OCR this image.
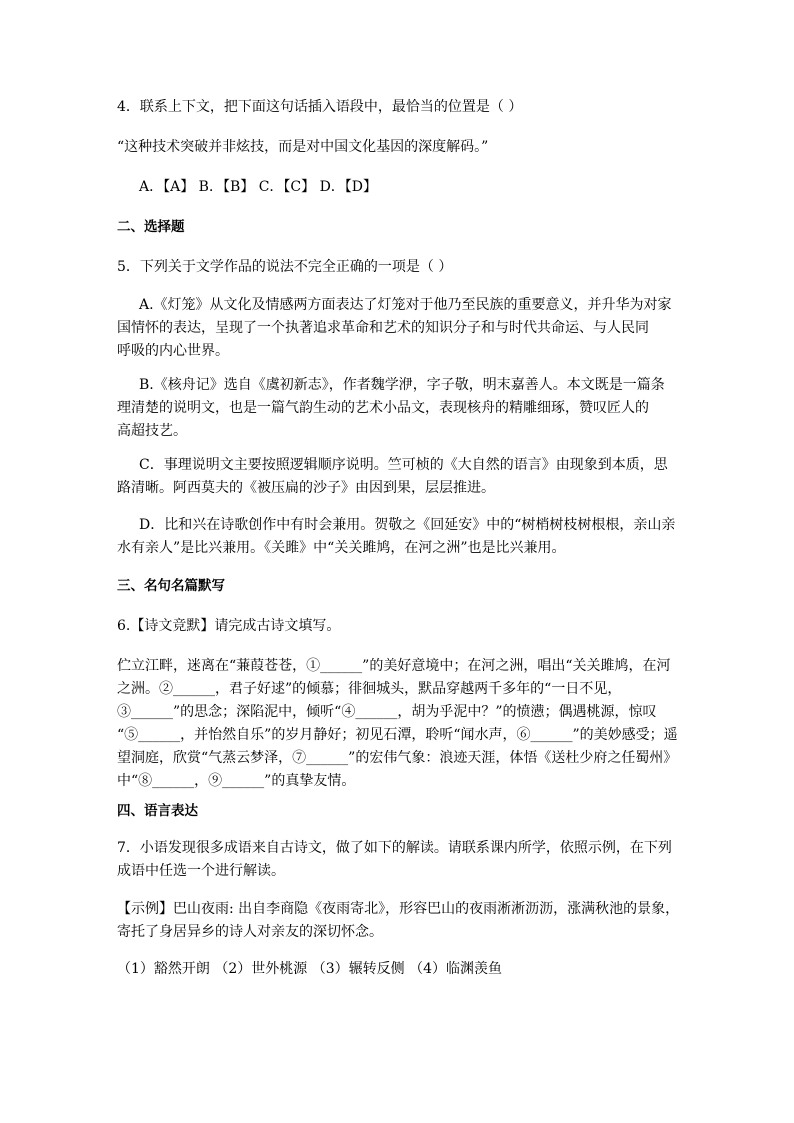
4．联系上下文，把下面这句话插入语段中，最恰当的位置是（ ）
“这种技术突破并非炫技，而是对中国文化基因的深度解码。”
A．【A】 B．【B】 C．【C】 D．【D】
二、选择题
5．下列关于文学作品的说法不完全正确的一项是（ ）
A.《灯笼》从文化及情感两方面表达了灯笼对于他乃至民族的重要意义，并升华为对家
国情怀的表达，呈现了一个执著追求革命和艺术的知识分子和与时代共命运、与人民同
呼吸的内心世界。
B.《核舟记》选自《虞初新志》，作者魏学洢，字子敬，明末嘉善人。本文既是一篇条
理清楚的说明文，也是一篇气韵生动的艺术小品文，表现核舟的精雕细琢，赞叹匠人的
高超技艺。
C．事理说明文主要按照逻辑顺序说明。竺可桢的《大自然的语言》由现象到本质，思
路清晰。阿西莫夫的《被压扁的沙子》由因到果，层层推进。
D．比和兴在诗歌创作中有时会兼用。贺敬之《回延安》中的“树梢树枝树根根，亲山亲
水有亲人”是比兴兼用。《关雎》中“关关雎鸠，在河之洲”也是比兴兼用。
三、名句名篇默写
6.【诗文竞默】请完成古诗文填写。
伫立江畔，迷离在“蒹葭苍苍，①______”的美好意境中；在河之洲，唱出“关关雎鸠，在河
之洲。②______，君子好逑”的倾慕；徘徊城头，默品穿越两千多年的“一日不见，
③______”的思念；深陷泥中，倾听“④______，胡为乎泥中？”的愤懑；偶遇桃源，惊叹
“⑤______，并怡然自乐”的岁月静好；初见石潭，聆听“闻水声，⑥______”的美妙感受；遥
望洞庭，欣赏“气蒸云梦泽，⑦______”的宏伟气象：浪迹天涯，体悟《送杜少府之任蜀州》
中“⑧______，⑨______”的真挚友情。
四、语言表达
7．小语发现很多成语来自古诗文，做了如下的解读。请联系课内所学，依照示例，在下列
成语中任选一个进行解读。
【示例】巴山夜雨: 出自李商隐《夜雨寄北》，形容巴山的夜雨淅淅沥沥，涨满秋池的景象，
寄托了身居异乡的诗人对亲友的深切怀念。
（1）豁然开朗 （2）世外桃源 （3）辗转反侧 （4）临渊羡鱼
